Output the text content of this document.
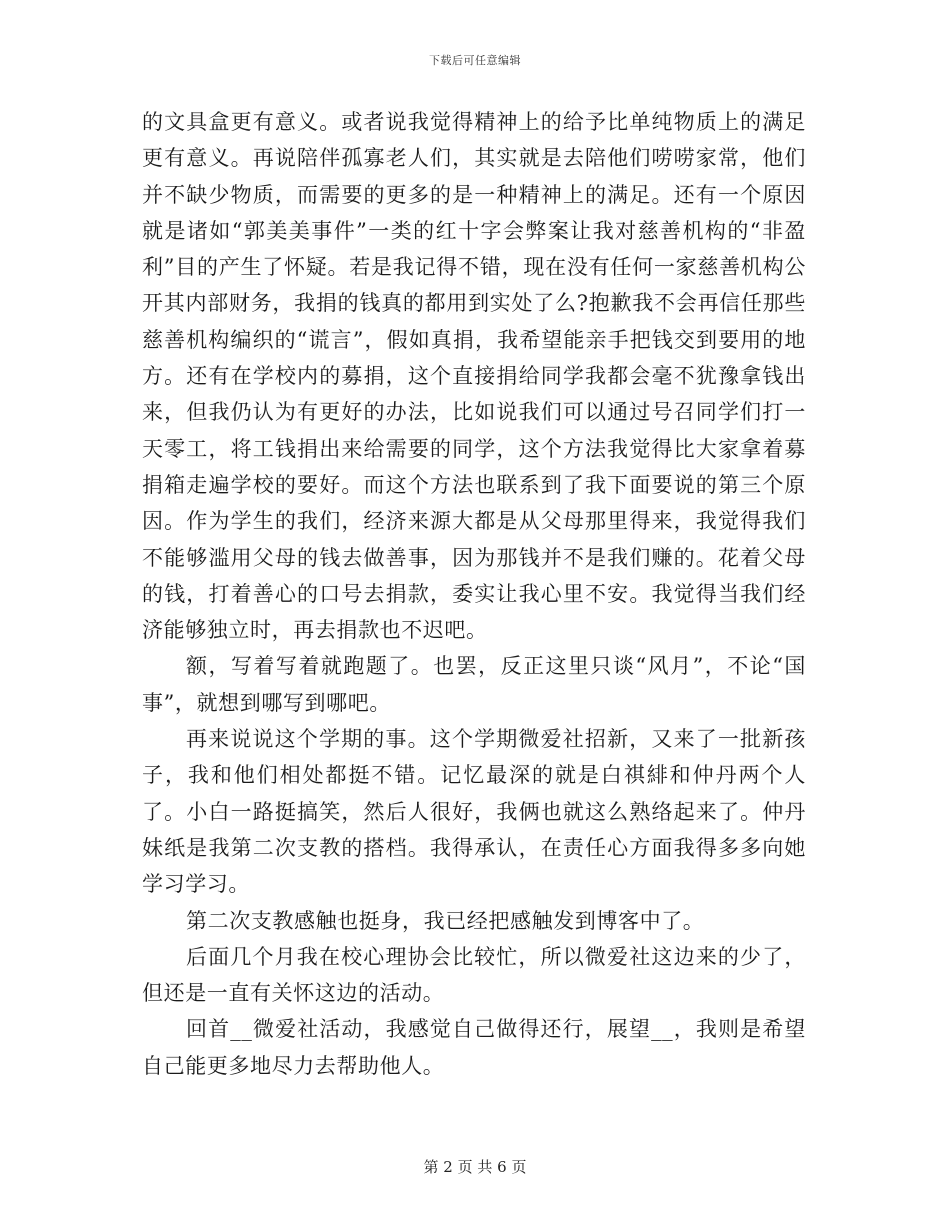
下载后可任意编辑

的文具盒更有意义。或者说我觉得精神上的给予比单纯物质上的满足更有意义。再说陪伴孤寡老人们，其实就是去陪他们唠唠家常，他们并不缺少物质，而需要的更多的是一种精神上的满足。还有一个原因就是诸如“郭美美事件”一类的红十字会弊案让我对慈善机构的“非盈利”目的产生了怀疑。若是我记得不错，现在没有任何一家慈善机构公开其内部财务，我捐的钱真的都用到实处了么?抱歉我不会再信任那些慈善机构编织的“谎言”，假如真捐，我希望能亲手把钱交到要用的地方。还有在学校内的募捐，这个直接捐给同学我都会毫不犹豫拿钱出来，但我仍认为有更好的办法，比如说我们可以通过号召同学们打一天零工，将工钱捐出来给需要的同学，这个方法我觉得比大家拿着募捐箱走遍学校的要好。而这个方法也联系到了我下面要说的第三个原因。作为学生的我们，经济来源大都是从父母那里得来，我觉得我们不能够滥用父母的钱去做善事，因为那钱并不是我们赚的。花着父母的钱，打着善心的口号去捐款，委实让我心里不安。我觉得当我们经济能够独立时，再去捐款也不迟吧。

额，写着写着就跑题了。也罢，反正这里只谈“风月”，不论“国事”，就想到哪写到哪吧。

再来说说这个学期的事。这个学期微爱社招新，又来了一批新孩子，我和他们相处都挺不错。记忆最深的就是白祺緋和仲丹两个人了。小白一路挺搞笑，然后人很好，我俩也就这么熟络起来了。仲丹妹纸是我第二次支教的搭档。我得承认，在责任心方面我得多多向她学习学习。

第二次支教感触也挺身，我已经把感触发到博客中了。

后面几个月我在校心理协会比较忙，所以微爱社这边来的少了，但还是一直有关怀这边的活动。

回首__微爱社活动，我感觉自己做得还行，展望__，我则是希望自己能更多地尽力去帮助他人。

第 2 页 共 6 页
